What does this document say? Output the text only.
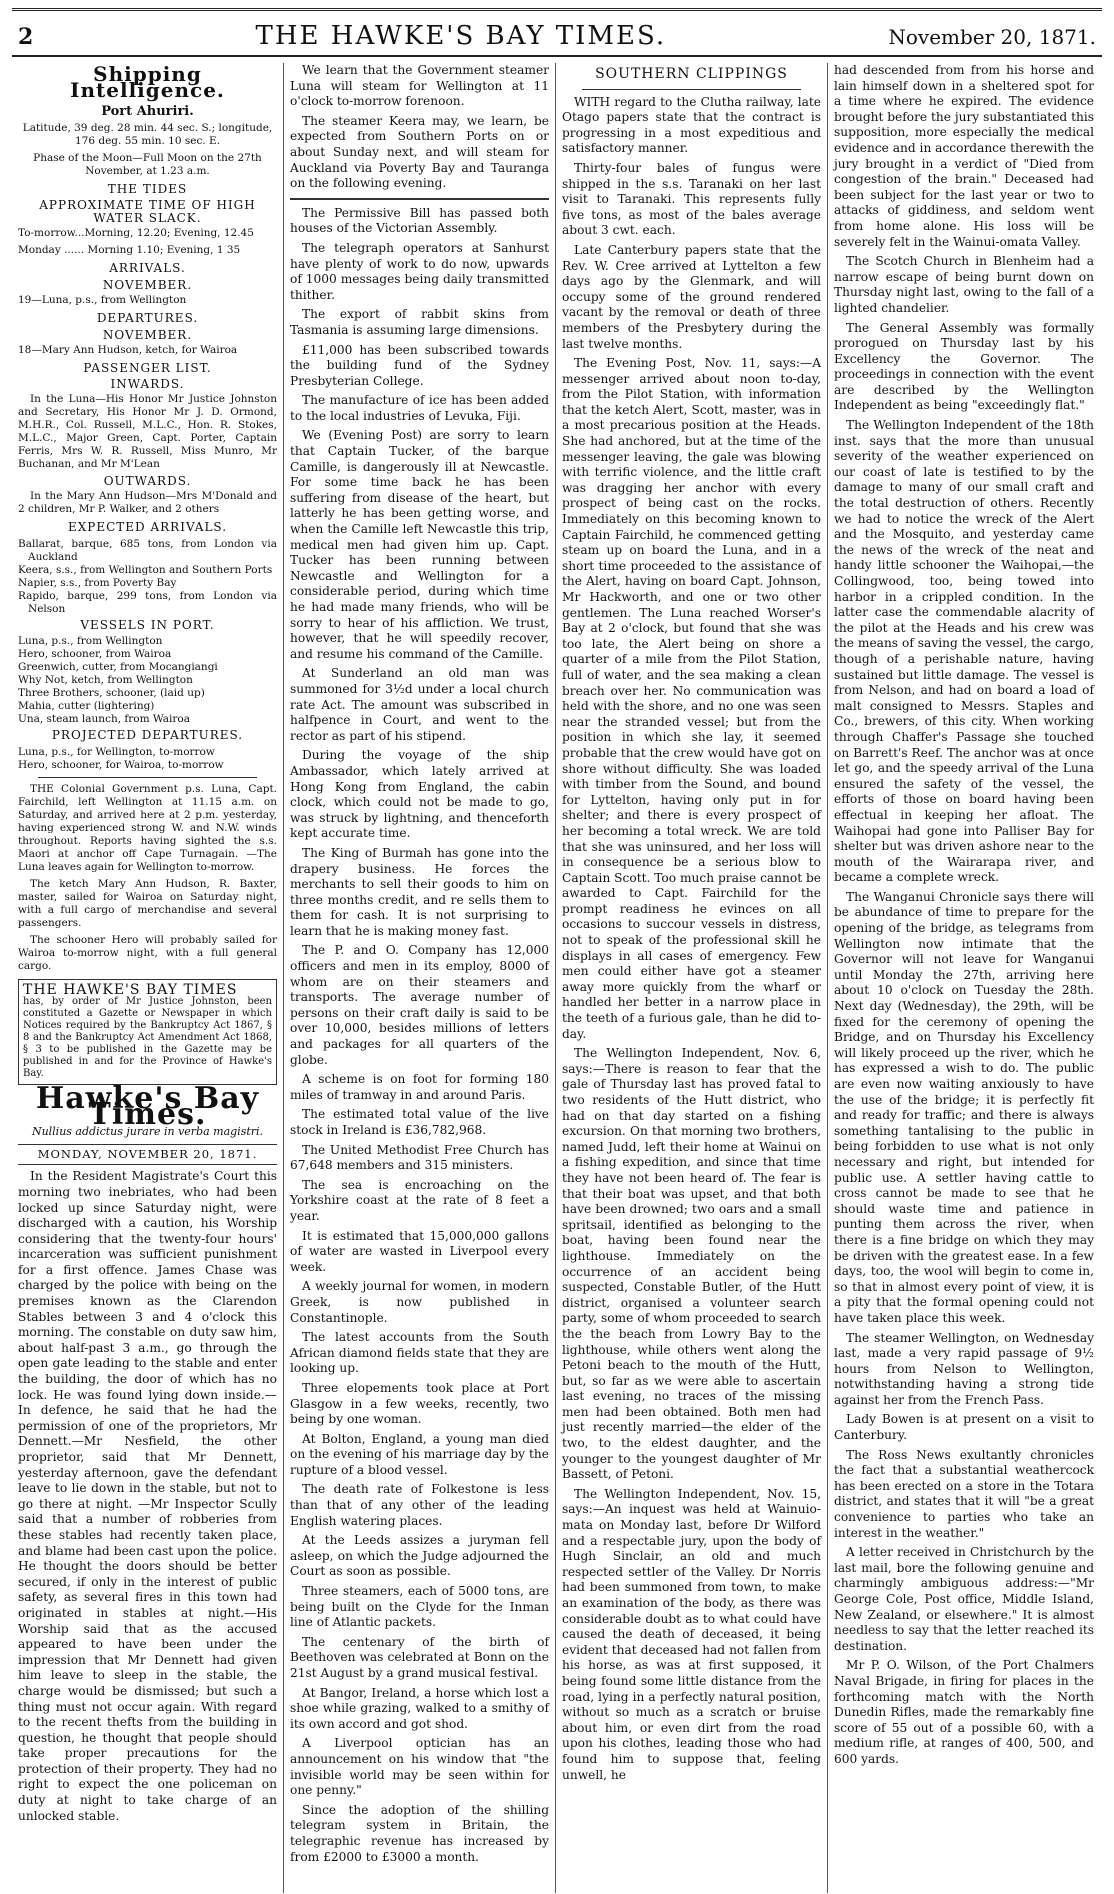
2	THE HAWKE'S BAY TIMES.	November 20, 1871.
Shipping Intelligence.
Port Ahuriri.

Latitude, 39 deg. 28 min. 44 sec. S.; longitude, 176 deg. 55 min. 10 sec. E.

Phase of the Moon—Full Moon on the 27th November, at 1.23 a.m.

THE TIDES
APPROXIMATE TIME OF HIGH WATER SLACK.

To-morrow...Morning, 12.20; Evening, 12.45

Monday ...... Morning 1.10; Evening, 1 35

ARRIVALS.
NOVEMBER.

19—Luna, p.s., from Wellington

DEPARTURES.
NOVEMBER.

18—Mary Ann Hudson, ketch, for Wairoa

PASSENGER LIST.
INWARDS.

In the Luna—His Honor Mr Justice Johnston and Secretary, His Honor Mr J. D. Ormond, M.H.R., Col. Russell, M.L.C., Hon. R. Stokes, M.L.C., Major Green, Capt. Porter, Captain Ferris, Mrs W. R. Russell, Miss Munro, Mr Buchanan, and Mr M'Lean

OUTWARDS.

In the Mary Ann Hudson—Mrs M'Donald and 2 children, Mr P. Walker, and 2 others

EXPECTED ARRIVALS.

Ballarat, barque, 685 tons, from London via Auckland

Keera, s.s., from Wellington and Southern Ports

Napier, s.s., from Poverty Bay

Rapido, barque, 299 tons, from London via Nelson

VESSELS IN PORT.

Luna, p.s., from Wellington

Hero, schooner, from Wairoa

Greenwich, cutter, from Mocangiangi

Why Not, ketch, from Wellington

Three Brothers, schooner, (laid up)

Mahia, cutter (lightering)

Una, steam launch, from Wairoa

PROJECTED DEPARTURES.

Luna, p.s., for Wellington, to-morrow

Hero, schooner, for Wairoa, to-morrow

THE Colonial Government p.s. Luna, Capt. Fairchild, left Wellington at 11.15 a.m. on Saturday, and arrived here at 2 p.m. yesterday, having experienced strong W. and N.W. winds throughout. Reports having sighted the s.s. Maori at anchor off Cape Turnagain. —The Luna leaves again for Wellington to-morrow.

The ketch Mary Ann Hudson, R. Baxter, master, sailed for Wairoa on Saturday night, with a full cargo of merchandise and several passengers.

The schooner Hero will probably sailed for Wairoa to-morrow night, with a full general cargo.

THE HAWKE'S BAY TIMES
has, by order of Mr Justice Johnston, been constituted a Gazette or Newspaper in which Notices required by the Bankruptcy Act 1867, § 8 and the Bankruptcy Act Amendment Act 1868, § 3 to be published in the Gazette may be published in and for the Province of Hawke's Bay.
Hawke's Bay Times.
Nullius addictus jurare in verba magistri.
MONDAY, NOVEMBER 20, 1871.

In the Resident Magistrate's Court this morning two inebriates, who had been locked up since Saturday night, were discharged with a caution, his Worship considering that the twenty-four hours' incarceration was sufficient punishment for a first offence. James Chase was charged by the police with being on the premises known as the Clarendon Stables between 3 and 4 o'clock this morning. The constable on duty saw him, about half-past 3 a.m., go through the open gate leading to the stable and enter the building, the door of which has no lock. He was found lying down inside.—In defence, he said that he had the permission of one of the proprietors, Mr Dennett.—Mr Nesfield, the other proprietor, said that Mr Dennett, yesterday afternoon, gave the defendant leave to lie down in the stable, but not to go there at night. —Mr Inspector Scully said that a number of robberies from these stables had recently taken place, and blame had been cast upon the police. He thought the doors should be better secured, if only in the interest of public safety, as several fires in this town had originated in stables at night.—His Worship said that as the accused appeared to have been under the impression that Mr Dennett had given him leave to sleep in the stable, the charge would be dismissed; but such a thing must not occur again. With regard to the recent thefts from the building in question, he thought that people should take proper precautions for the protection of their property. They had no right to expect the one policeman on duty at night to take charge of an unlocked stable.

We learn that the Government steamer Luna will steam for Wellington at 11 o'clock to-morrow forenoon.

The steamer Keera may, we learn, be expected from Southern Ports on or about Sunday next, and will steam for Auckland via Poverty Bay and Tauranga on the following evening.

The Permissive Bill has passed both houses of the Victorian Assembly.

The telegraph operators at Sanhurst have plenty of work to do now, upwards of 1000 messages being daily transmitted thither.

The export of rabbit skins from Tasmania is assuming large dimensions.

£11,000 has been subscribed towards the building fund of the Sydney Presbyterian College.

The manufacture of ice has been added to the local industries of Levuka, Fiji.

We (Evening Post) are sorry to learn that Captain Tucker, of the barque Camille, is dangerously ill at Newcastle. For some time back he has been suffering from disease of the heart, but latterly he has been getting worse, and when the Camille left Newcastle this trip, medical men had given him up. Capt. Tucker has been running between Newcastle and Wellington for a considerable period, during which time he had made many friends, who will be sorry to hear of his affliction. We trust, however, that he will speedily recover, and resume his command of the Camille.

At Sunderland an old man was summoned for 3½d under a local church rate Act. The amount was subscribed in halfpence in Court, and went to the rector as part of his stipend.

During the voyage of the ship Ambassador, which lately arrived at Hong Kong from England, the cabin clock, which could not be made to go, was struck by lightning, and thenceforth kept accurate time.

The King of Burmah has gone into the drapery business. He forces the merchants to sell their goods to him on three months credit, and re sells them to them for cash. It is not surprising to learn that he is making money fast.

The P. and O. Company has 12,000 officers and men in its employ, 8000 of whom are on their steamers and transports. The average number of persons on their craft daily is said to be over 10,000, besides millions of letters and packages for all quarters of the globe.

A scheme is on foot for forming 180 miles of tramway in and around Paris.

The estimated total value of the live stock in Ireland is £36,782,968.

The United Methodist Free Church has 67,648 members and 315 ministers.

The sea is encroaching on the Yorkshire coast at the rate of 8 feet a year.

It is estimated that 15,000,000 gallons of water are wasted in Liverpool every week.

A weekly journal for women, in modern Greek, is now published in Constantinople.

The latest accounts from the South African diamond fields state that they are looking up.

Three elopements took place at Port Glasgow in a few weeks, recently, two being by one woman.

At Bolton, England, a young man died on the evening of his marriage day by the rupture of a blood vessel.

The death rate of Folkestone is less than that of any other of the leading English watering places.

At the Leeds assizes a juryman fell asleep, on which the Judge adjourned the Court as soon as possible.

Three steamers, each of 5000 tons, are being built on the Clyde for the Inman line of Atlantic packets.

The centenary of the birth of Beethoven was celebrated at Bonn on the 21st August by a grand musical festival.

At Bangor, Ireland, a horse which lost a shoe while grazing, walked to a smithy of its own accord and got shod.

A Liverpool optician has an announcement on his window that "the invisible world may be seen within for one penny."

Since the adoption of the shilling telegram system in Britain, the telegraphic revenue has increased by from £2000 to £3000 a month.

SOUTHERN CLIPPINGS

WITH regard to the Clutha railway, late Otago papers state that the contract is progressing in a most expeditious and satisfactory manner.

Thirty-four bales of fungus were shipped in the s.s. Taranaki on her last visit to Taranaki. This represents fully five tons, as most of the bales average about 3 cwt. each.

Late Canterbury papers state that the Rev. W. Cree arrived at Lyttelton a few days ago by the Glenmark, and will occupy some of the ground rendered vacant by the removal or death of three members of the Presbytery during the last twelve months.

The Evening Post, Nov. 11, says:—A messenger arrived about noon to-day, from the Pilot Station, with information that the ketch Alert, Scott, master, was in a most precarious position at the Heads. She had anchored, but at the time of the messenger leaving, the gale was blowing with terrific violence, and the little craft was dragging her anchor with every prospect of being cast on the rocks. Immediately on this becoming known to Captain Fairchild, he commenced getting steam up on board the Luna, and in a short time proceeded to the assistance of the Alert, having on board Capt. Johnson, Mr Hackworth, and one or two other gentlemen. The Luna reached Worser's Bay at 2 o'clock, but found that she was too late, the Alert being on shore a quarter of a mile from the Pilot Station, full of water, and the sea making a clean breach over her. No communication was held with the shore, and no one was seen near the stranded vessel; but from the position in which she lay, it seemed probable that the crew would have got on shore without difficulty. She was loaded with timber from the Sound, and bound for Lyttelton, having only put in for shelter; and there is every prospect of her becoming a total wreck. We are told that she was uninsured, and her loss will in consequence be a serious blow to Captain Scott. Too much praise cannot be awarded to Capt. Fairchild for the prompt readiness he evinces on all occasions to succour vessels in distress, not to speak of the professional skill he displays in all cases of emergency. Few men could either have got a steamer away more quickly from the wharf or handled her better in a narrow place in the teeth of a furious gale, than he did to-day.

The Wellington Independent, Nov. 6, says:—There is reason to fear that the gale of Thursday last has proved fatal to two residents of the Hutt district, who had on that day started on a fishing excursion. On that morning two brothers, named Judd, left their home at Wainui on a fishing expedition, and since that time they have not been heard of. The fear is that their boat was upset, and that both have been drowned; two oars and a small spritsail, identified as belonging to the boat, having been found near the lighthouse. Immediately on the occurrence of an accident being suspected, Constable Butler, of the Hutt district, organised a volunteer search party, some of whom proceeded to search the the beach from Lowry Bay to the lighthouse, while others went along the Petoni beach to the mouth of the Hutt, but, so far as we were able to ascertain last evening, no traces of the missing men had been obtained. Both men had just recently married—the elder of the two, to the eldest daughter, and the younger to the youngest daughter of Mr Bassett, of Petoni.

The Wellington Independent, Nov. 15, says:—An inquest was held at Wainuio-mata on Monday last, before Dr Wilford and a respectable jury, upon the body of Hugh Sinclair, an old and much respected settler of the Valley. Dr Norris had been summoned from town, to make an examination of the body, as there was considerable doubt as to what could have caused the death of deceased, it being evident that deceased had not fallen from his horse, as was at first supposed, it being found some little distance from the road, lying in a perfectly natural position, without so much as a scratch or bruise about him, or even dirt from the road upon his clothes, leading those who had found him to suppose that, feeling unwell, he

had descended from from his horse and lain himself down in a sheltered spot for a time where he expired. The evidence brought before the jury substantiated this supposition, more especially the medical evidence and in accordance therewith the jury brought in a verdict of "Died from congestion of the brain." Deceased had been subject for the last year or two to attacks of giddiness, and seldom went from home alone. His loss will be severely felt in the Wainui-omata Valley.

The Scotch Church in Blenheim had a narrow escape of being burnt down on Thursday night last, owing to the fall of a lighted chandelier.

The General Assembly was formally prorogued on Thursday last by his Excellency the Governor. The proceedings in connection with the event are described by the Wellington Independent as being "exceedingly flat."

The Wellington Independent of the 18th inst. says that the more than unusual severity of the weather experienced on our coast of late is testified to by the damage to many of our small craft and the total destruction of others. Recently we had to notice the wreck of the Alert and the Mosquito, and yesterday came the news of the wreck of the neat and handy little schooner the Waihopai,—the Collingwood, too, being towed into harbor in a crippled condition. In the latter case the commendable alacrity of the pilot at the Heads and his crew was the means of saving the vessel, the cargo, though of a perishable nature, having sustained but little damage. The vessel is from Nelson, and had on board a load of malt consigned to Messrs. Staples and Co., brewers, of this city. When working through Chaffer's Passage she touched on Barrett's Reef. The anchor was at once let go, and the speedy arrival of the Luna ensured the safety of the vessel, the efforts of those on board having been effectual in keeping her afloat. The Waihopai had gone into Palliser Bay for shelter but was driven ashore near to the mouth of the Wairarapa river, and became a complete wreck.

The Wanganui Chronicle says there will be abundance of time to prepare for the opening of the bridge, as telegrams from Wellington now intimate that the Governor will not leave for Wanganui until Monday the 27th, arriving here about 10 o'clock on Tuesday the 28th. Next day (Wednesday), the 29th, will be fixed for the ceremony of opening the Bridge, and on Thursday his Excellency will likely proceed up the river, which he has expressed a wish to do. The public are even now waiting anxiously to have the use of the bridge; it is perfectly fit and ready for traffic; and there is always something tantalising to the public in being forbidden to use what is not only necessary and right, but intended for public use. A settler having cattle to cross cannot be made to see that he should waste time and patience in punting them across the river, when there is a fine bridge on which they may be driven with the greatest ease. In a few days, too, the wool will begin to come in, so that in almost every point of view, it is a pity that the formal opening could not have taken place this week.

The steamer Wellington, on Wednesday last, made a very rapid passage of 9½ hours from Nelson to Wellington, notwithstanding having a strong tide against her from the French Pass.

Lady Bowen is at present on a visit to Canterbury.

The Ross News exultantly chronicles the fact that a substantial weathercock has been erected on a store in the Totara district, and states that it will "be a great convenience to parties who take an interest in the weather."

A letter received in Christchurch by the last mail, bore the following genuine and charmingly ambiguous address:—"Mr George Cole, Post office, Middle Island, New Zealand, or elsewhere." It is almost needless to say that the letter reached its destination.

Mr P. O. Wilson, of the Port Chalmers Naval Brigade, in firing for places in the forthcoming match with the North Dunedin Rifles, made the remarkably fine score of 55 out of a possible 60, with a medium rifle, at ranges of 400, 500, and 600 yards.
